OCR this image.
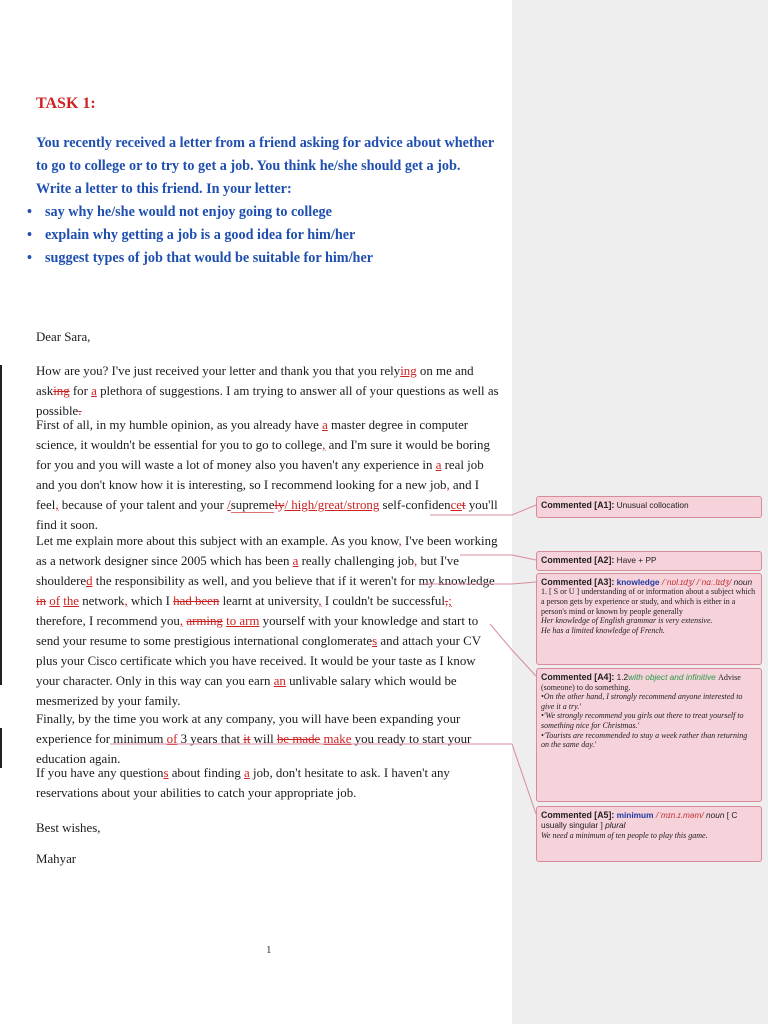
TASK 1:
You recently received a letter from a friend asking for advice about whether to go to college or to try to get a job. You think he/she should get a job.
Write a letter to this friend. In your letter:
• say why he/she would not enjoy going to college
• explain why getting a job is a good idea for him/her
• suggest types of job that would be suitable for him/her
Dear Sara,
How are you? I've just received your letter and thank you that you relying on me and asking for a plethora of suggestions. I am trying to answer all of your questions as well as possible.
First of all, in my humble opinion, as you already have a master degree in computer science, it wouldn't be essential for you to go to college, and I'm sure it would be boring for you and you will waste a lot of money also you haven't any experience in a real job and you don't know how it is interesting, so I recommend looking for a new job, and I feel, because of your talent and your /supremely/ high/great/strong self-confidencet you'll find it soon.
Let me explain more about this subject with an example. As you know, I've been working as a network designer since 2005 which has been a really challenging job, but I've shouldered the responsibility as well, and you believe that if it weren't for my knowledge in of the network, which I had been learnt at university, I couldn't be successful,; therefore, I recommend you, arming to arm yourself with your knowledge and start to send your resume to some prestigious international conglomerates and attach your CV plus your Cisco certificate which you have received. It would be your taste as I know your character. Only in this way can you earn an unlivable salary which would be mesmerized by your family.
Finally, by the time you work at any company, you will have been expanding your experience for minimum of 3 years that it will be made make you ready to start your education again.
If you have any questions about finding a job, don't hesitate to ask. I haven't any reservations about your abilities to catch your appropriate job.
Best wishes,
Mahyar
1
Commented [A1]: Unusual collocation
Commented [A2]: Have + PP
Commented [A3]: knowledge /ˈnɒl.ɪdʒ/ /ˈnɑː.lɪdʒ/ noun
1. [ S or U ] understanding of or information about a subject which a person gets by experience or study, and which is either in a person's mind or known by people generally
Her knowledge of English grammar is very extensive.
He has a limited knowledge of French.
Commented [A4]: 1.2with object and infinitive Advise
(someone) to do something.
•On the other hand, I strongly recommend anyone interested to give it a try.'
•'We strongly recommend you girls out there to treat yourself to something nice for Christmas.'
•'Tourists are recommended to stay a week rather than returning on the same day.'
Commented [A5]: minimum /ˈmɪn.ɪ.məm/ noun [ C usually singular ] plural
We need a minimum of ten people to play this game.
